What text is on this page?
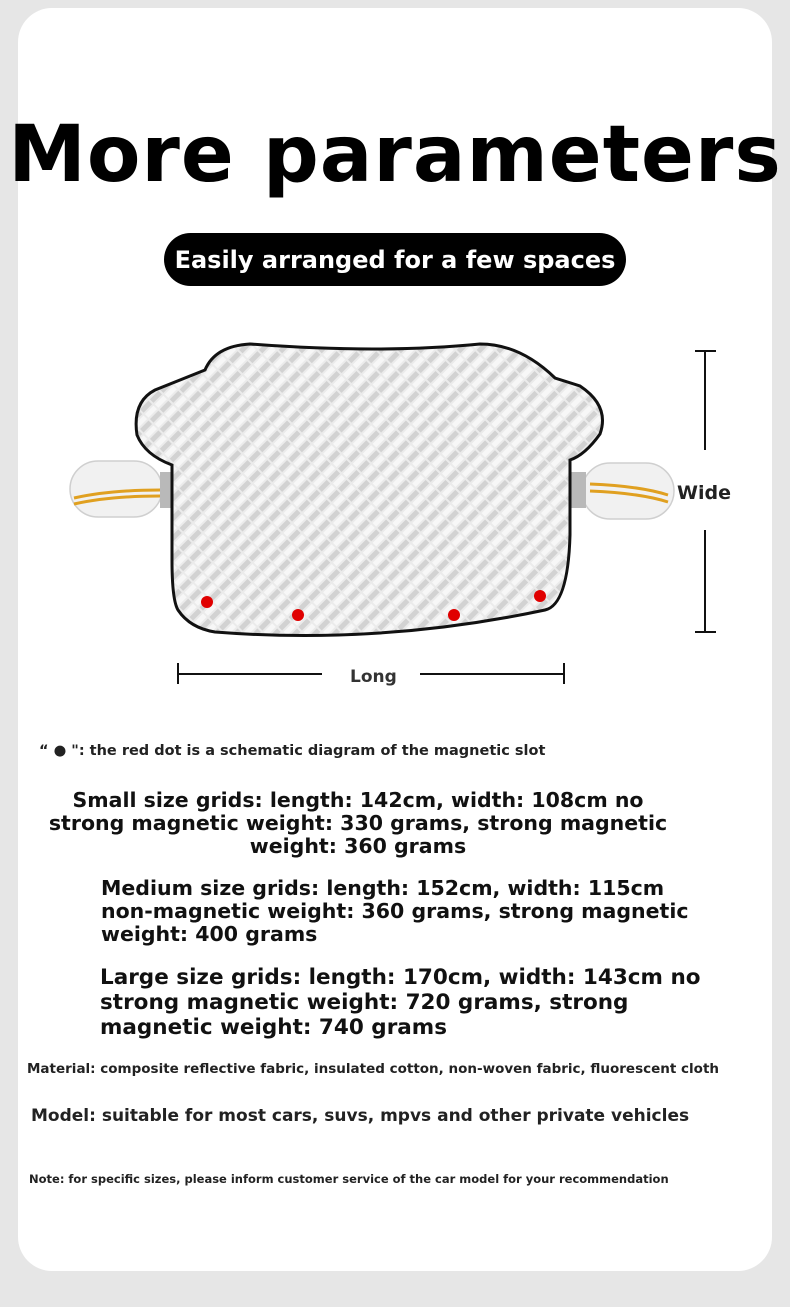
More parameters
Easily arranged for a few spaces
Wide
Long
“ ● ": the red dot is a schematic diagram of the magnetic slot
Small size grids: length: 142cm, width: 108cm no strong magnetic weight: 330 grams, strong magnetic weight: 360 grams
Medium size grids: length: 152cm, width: 115cm non-magnetic weight: 360 grams, strong magnetic weight: 400 grams
Large size grids: length: 170cm, width: 143cm no strong magnetic weight: 720 grams, strong magnetic weight: 740 grams
Material: composite reflective fabric, insulated cotton, non-woven fabric, fluorescent cloth
Model: suitable for most cars, suvs, mpvs and other private vehicles
Note: for specific sizes, please inform customer service of the car model for your recommendation
